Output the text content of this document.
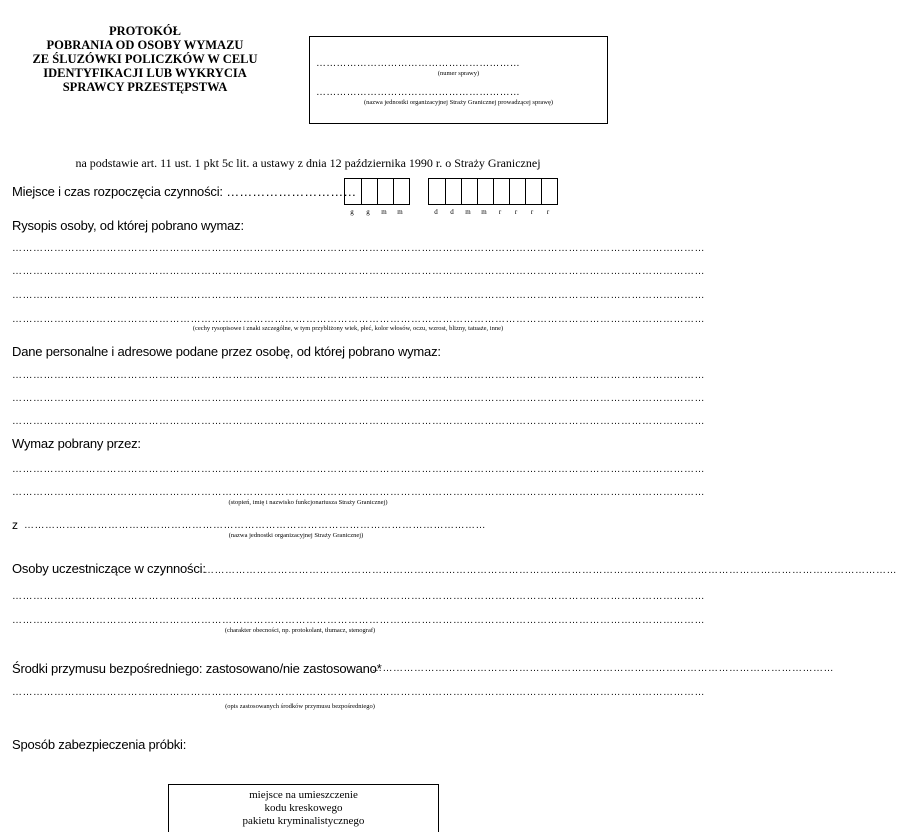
PROTOKÓŁ
POBRANIA OD OSOBY WYMAZU
ZE ŚLUZÓWKI POLICZKÓW W CELU
IDENTYFIKACJI LUB WYKRYCIA
SPRAWCY PRZESTĘPSTWA
……………………………………………………
(numer sprawy)
……………………………………………………
(nazwa jednostki organizacyjnej Straży Granicznej prowadzącej sprawę)
na podstawie art. 11 ust. 1 pkt 5c lit. a ustawy z dnia 12 października 1990 r. o Straży Granicznej
Miejsce i czas rozpoczęcia czynności: …………………………
g	g	m	m	d	d	m	m	r	r	r	r
Rysopis osoby, od której pobrano wymaz:
………………………………………………………………………………………………………………………………………………………………………………
………………………………………………………………………………………………………………………………………………………………………………
………………………………………………………………………………………………………………………………………………………………………………
………………………………………………………………………………………………………………………………………………………………………………
(cechy rysopisowe i znaki szczególne, w tym przybliżony wiek, płeć, kolor włosów, oczu, wzrost, blizny, tatuaże, inne)
Dane personalne i adresowe podane przez osobę, od której pobrano wymaz:
………………………………………………………………………………………………………………………………………………………………………………
………………………………………………………………………………………………………………………………………………………………………………
………………………………………………………………………………………………………………………………………………………………………………
Wymaz pobrany przez:
………………………………………………………………………………………………………………………………………………………………………………
………………………………………………………………………………………………………………………………………………………………………………
(stopień, imię i nazwisko funkcjonariusza Straży Granicznej)
z ……………………………………………………………………………………………………………………
(nazwa jednostki organizacyjnej Straży Granicznej)
Osoby uczestniczące w czynności:
………………………………………………………………………………………………………………………………………………………………………………
………………………………………………………………………………………………………………………………………………………………………………
………………………………………………………………………………………………………………………………………………………………………………
(charakter obecności, np. protokolant, tłumacz, stenograf)
Środki przymusu bezpośredniego: zastosowano/nie zastosowano*
……………………………………………………………………………………………………………………
………………………………………………………………………………………………………………………………………………………………………………
(opis zastosowanych środków przymusu bezpośredniego)
Sposób zabezpieczenia próbki:
miejsce na umieszczenie
kodu kreskowego
pakietu kryminalistycznego
